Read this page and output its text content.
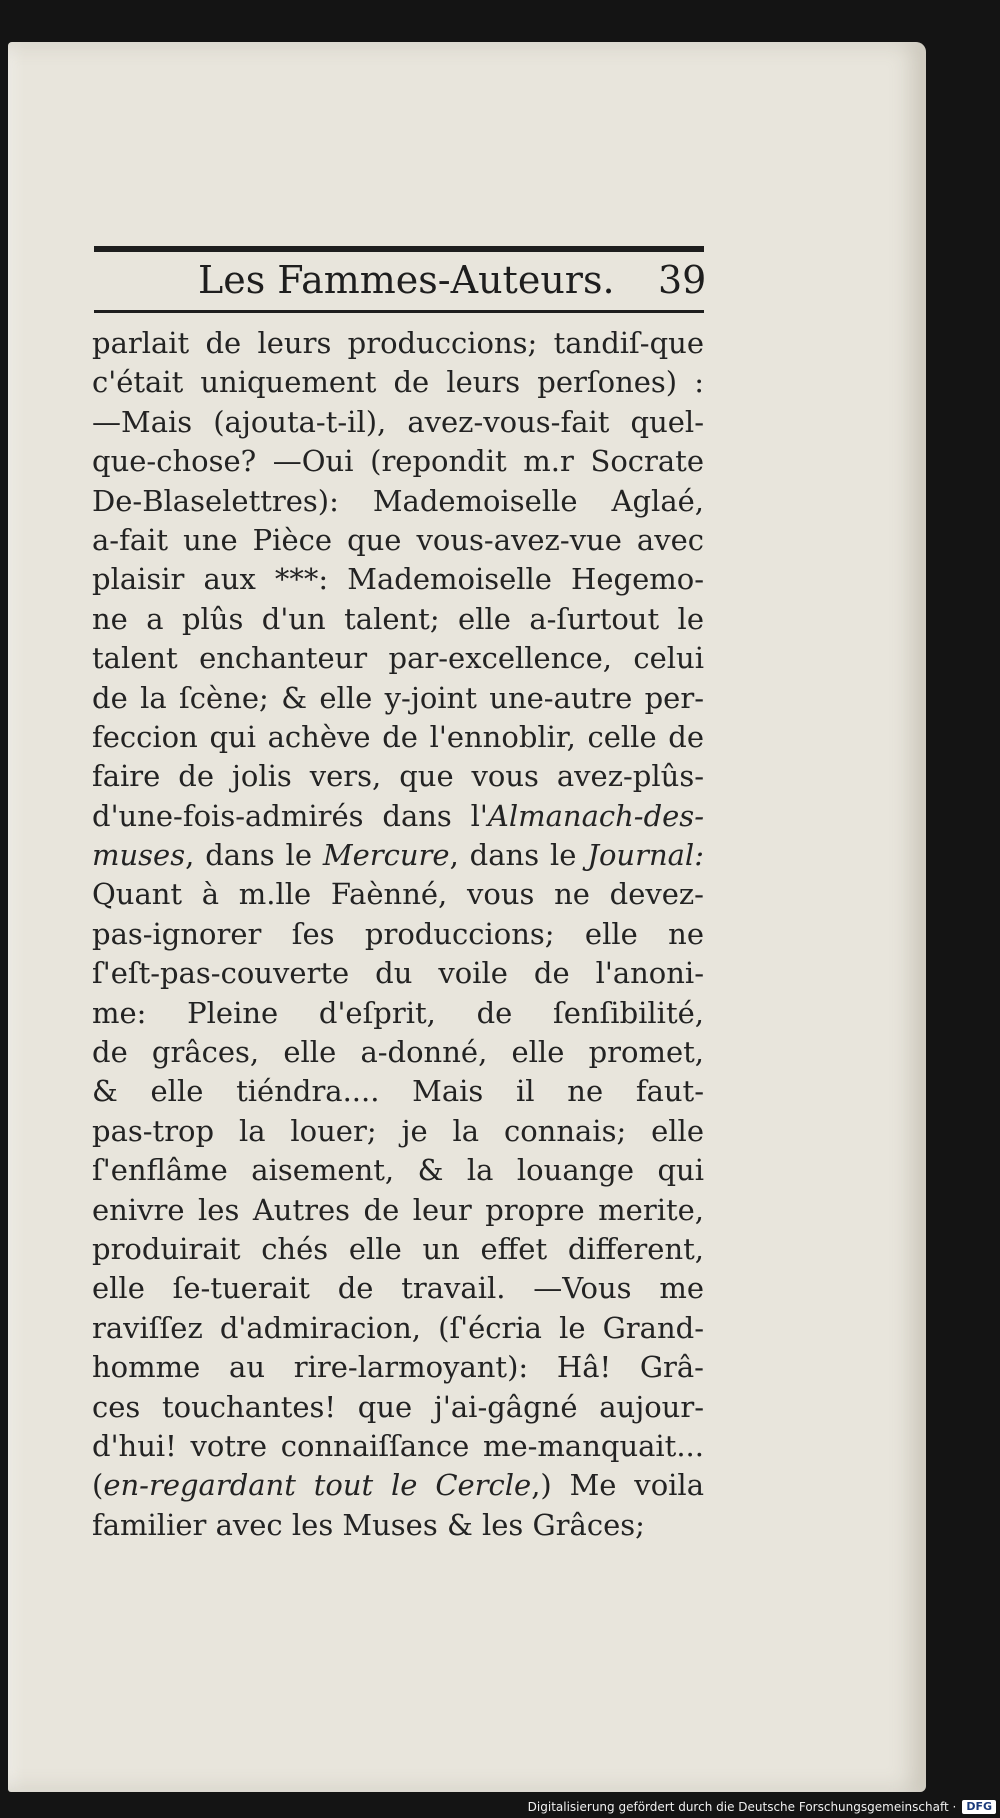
Les Fammes-Auteurs.	39
parlait de leurs produccions; tandiſ-que
c'était uniquement de leurs perſones) :
—Mais (ajouta-t-il), avez-vous-fait quel-
que-chose? —Oui (repondit m.r Socrate
De-Blaselettres): Mademoiselle Aglaé,
a-fait une Pièce que vous-avez-vue avec
plaisir aux ***: Mademoiselle Hegemo-
ne a plûs d'un talent; elle a-ſurtout le
talent enchanteur par-excellence, celui
de la ſcène; & elle y-joint une-autre per-
feccion qui achève de l'ennoblir, celle de
faire de jolis vers, que vous avez-plûs-
d'une-fois-admirés dans l'Almanach-des-
muses, dans le Mercure, dans le Journal:
Quant à m.lle Faènné, vous ne devez-
pas-ignorer ſes produccions; elle ne
ſ'eſt-pas-couverte du voile de l'anoni-
me: Pleine d'eſprit, de ſenſibilité,
de grâces, elle a-donné, elle promet,
& elle tiéndra.... Mais il ne faut-
pas-trop la louer; je la connais; elle
ſ'enflâme aisement, & la louange qui
enivre les Autres de leur propre merite,
produirait chés elle un effet different,
elle ſe-tuerait de travail. —Vous me
raviſſez d'admiracion, (ſ'écria le Grand-
homme au rire-larmoyant): Hâ! Grâ-
ces touchantes! que j'ai-gâgné aujour-
d'hui! votre connaiſſance me-manquait...
(en-regardant tout le Cercle,) Me voila
familier avec les Muses & les Grâces;
Digitalisierung gefördert durch die Deutsche Forschungsgemeinschaft · DFG
